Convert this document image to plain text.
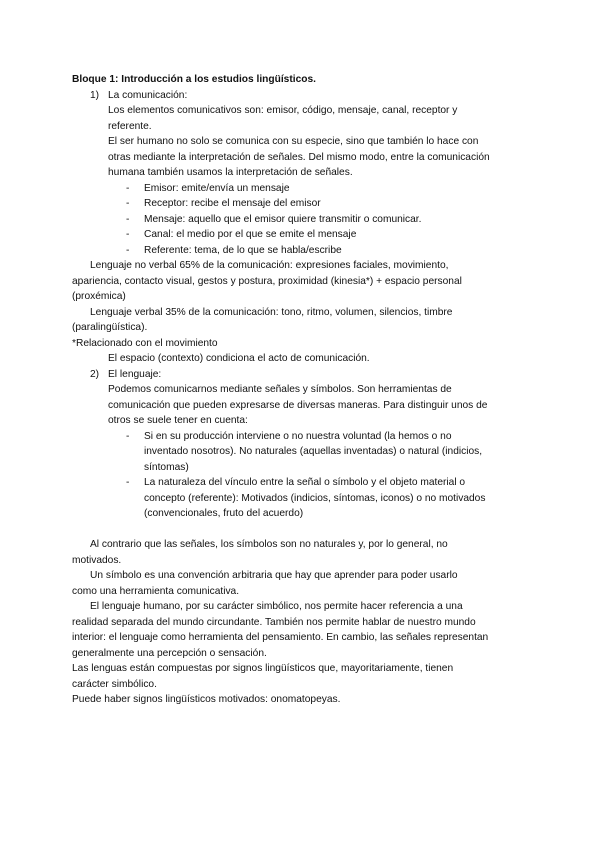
Bloque 1: Introducción a los estudios lingüísticos.
1) La comunicación:
Los elementos comunicativos son: emisor, código, mensaje, canal, receptor y
referente.
El ser humano no solo se comunica con su especie, sino que también lo hace con
otras mediante la interpretación de señales. Del mismo modo, entre la comunicación
humana también usamos la interpretación de señales.
- Emisor: emite/envía un mensaje
- Receptor: recibe el mensaje del emisor
- Mensaje: aquello que el emisor quiere transmitir o comunicar.
- Canal: el medio por el que se emite el mensaje
- Referente: tema, de lo que se habla/escribe
Lenguaje no verbal 65% de la comunicación: expresiones faciales, movimiento,
apariencia, contacto visual, gestos y postura, proximidad (kinesia*) + espacio personal
(proxémica)
Lenguaje verbal 35% de la comunicación: tono, ritmo, volumen, silencios, timbre
(paralingüística).
*Relacionado con el movimiento
El espacio (contexto) condiciona el acto de comunicación.
2) El lenguaje:
Podemos comunicarnos mediante señales y símbolos. Son herramientas de
comunicación que pueden expresarse de diversas maneras. Para distinguir unos de
otros se suele tener en cuenta:
- Si en su producción interviene o no nuestra voluntad (la hemos o no
inventado nosotros). No naturales (aquellas inventadas) o natural (indicios,
síntomas)
- La naturaleza del vínculo entre la señal o símbolo y el objeto material o
concepto (referente): Motivados (indicios, síntomas, iconos) o no motivados
(convencionales, fruto del acuerdo)
Al contrario que las señales, los símbolos son no naturales y, por lo general, no
motivados.
Un símbolo es una convención arbitraria que hay que aprender para poder usarlo
como una herramienta comunicativa.
El lenguaje humano, por su carácter simbólico, nos permite hacer referencia a una
realidad separada del mundo circundante. También nos permite hablar de nuestro mundo
interior: el lenguaje como herramienta del pensamiento. En cambio, las señales representan
generalmente una percepción o sensación.
Las lenguas están compuestas por signos lingüísticos que, mayoritariamente, tienen
carácter simbólico.
Puede haber signos lingüísticos motivados: onomatopeyas.
